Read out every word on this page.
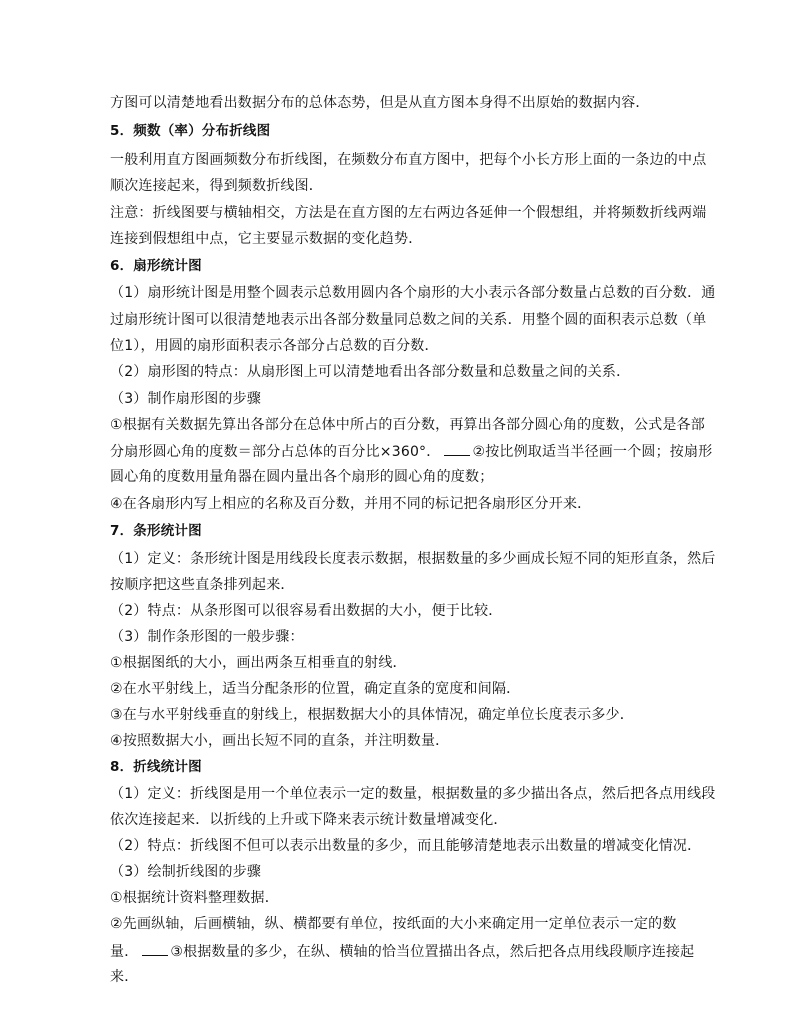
方图可以清楚地看出数据分布的总体态势，但是从直方图本身得不出原始的数据内容．
5．频数（率）分布折线图
一般利用直方图画频数分布折线图，在频数分布直方图中，把每个小长方形上面的一条边的中点
顺次连接起来，得到频数折线图．
注意：折线图要与横轴相交，方法是在直方图的左右两边各延伸一个假想组，并将频数折线两端
连接到假想组中点，它主要显示数据的变化趋势．
6．扇形统计图
（1）扇形统计图是用整个圆表示总数用圆内各个扇形的大小表示各部分数量占总数的百分数．通
过扇形统计图可以很清楚地表示出各部分数量同总数之间的关系．用整个圆的面积表示总数（单
位1），用圆的扇形面积表示各部分占总数的百分数．
（2）扇形图的特点：从扇形图上可以清楚地看出各部分数量和总数量之间的关系．
（3）制作扇形图的步骤
①根据有关数据先算出各部分在总体中所占的百分数，再算出各部分圆心角的度数，公式是各部
分扇形圆心角的度数＝部分占总体的百分比×360°． ②按比例取适当半径画一个圆；按扇形
圆心角的度数用量角器在圆内量出各个扇形的圆心角的度数；
④在各扇形内写上相应的名称及百分数，并用不同的标记把各扇形区分开来．
7．条形统计图
（1）定义：条形统计图是用线段长度表示数据，根据数量的多少画成长短不同的矩形直条，然后
按顺序把这些直条排列起来．
（2）特点：从条形图可以很容易看出数据的大小，便于比较．
（3）制作条形图的一般步骤：
①根据图纸的大小，画出两条互相垂直的射线．
②在水平射线上，适当分配条形的位置，确定直条的宽度和间隔．
③在与水平射线垂直的射线上，根据数据大小的具体情况，确定单位长度表示多少．
④按照数据大小，画出长短不同的直条，并注明数量．
8．折线统计图
（1）定义：折线图是用一个单位表示一定的数量，根据数量的多少描出各点，然后把各点用线段
依次连接起来．以折线的上升或下降来表示统计数量增减变化．
（2）特点：折线图不但可以表示出数量的多少，而且能够清楚地表示出数量的增减变化情况．
（3）绘制折线图的步骤
①根据统计资料整理数据．
②先画纵轴，后画横轴，纵、横都要有单位，按纸面的大小来确定用一定单位表示一定的数
量． ③根据数量的多少，在纵、横轴的恰当位置描出各点，然后把各点用线段顺序连接起
来．
